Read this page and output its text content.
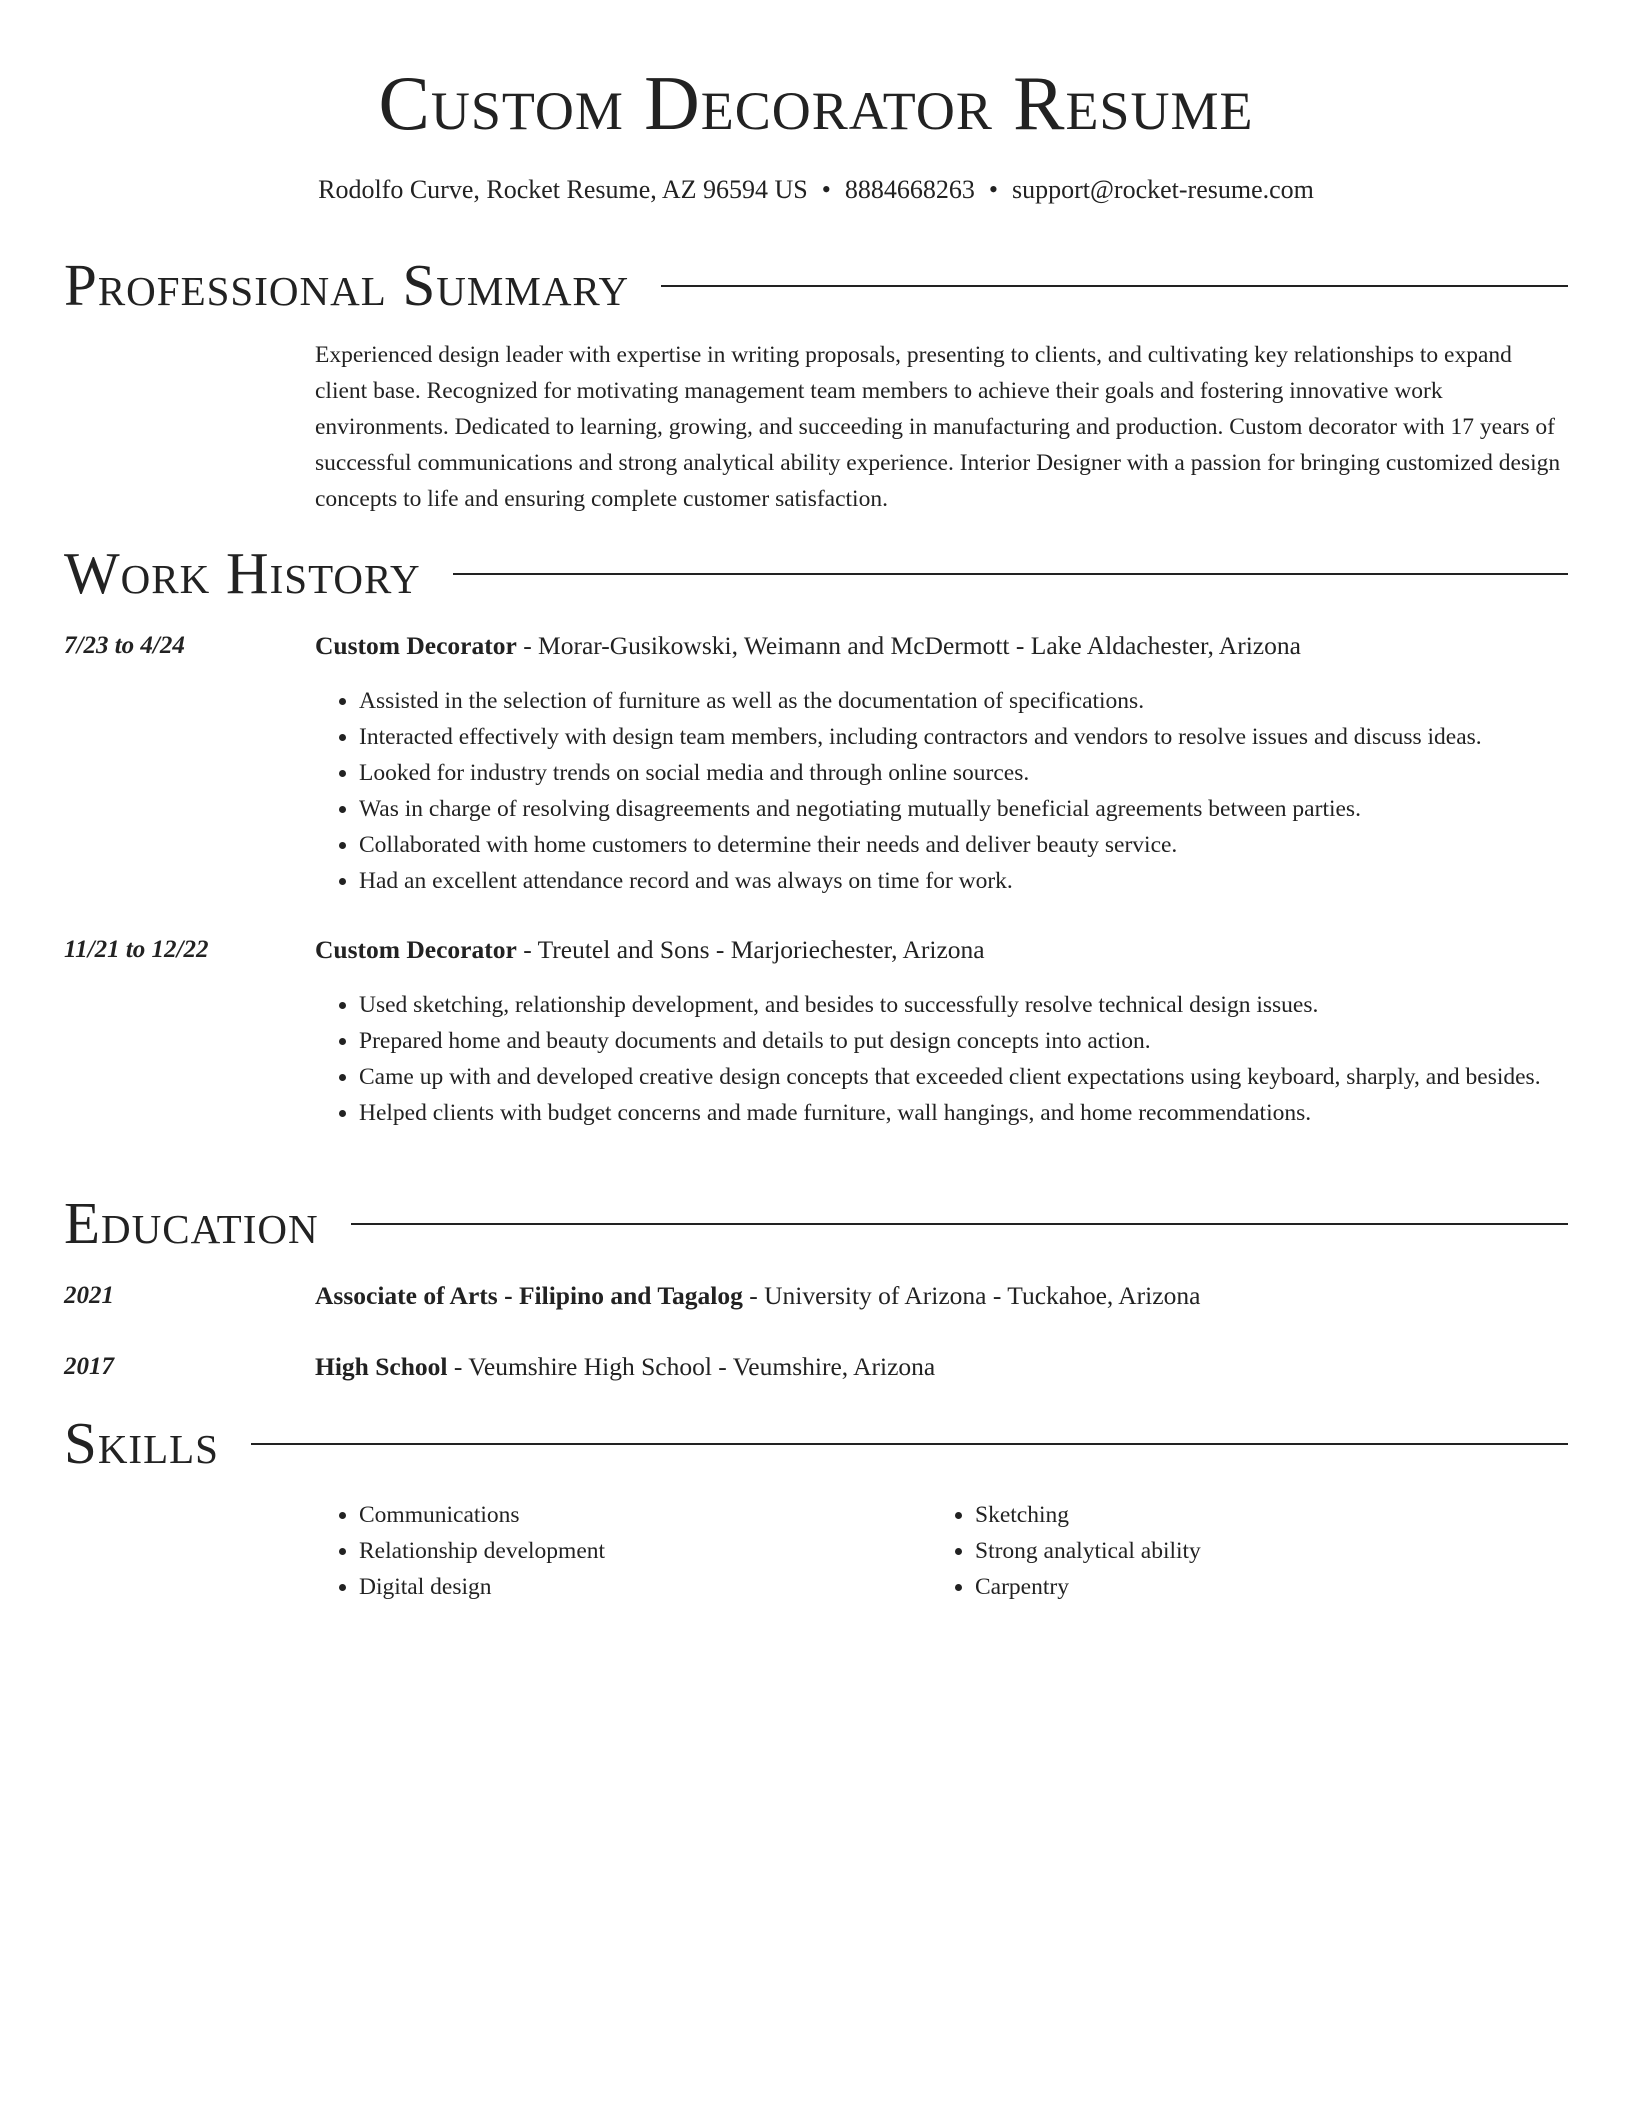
Custom Decorator Resume
Rodolfo Curve, Rocket Resume, AZ 96594 US • 8884668263 • support@rocket-resume.com
Professional Summary

Experienced design leader with expertise in writing proposals, presenting to clients, and cultivating key relationships to expand client base. Recognized for motivating management team members to achieve their goals and fostering innovative work environments. Dedicated to learning, growing, and succeeding in manufacturing and production. Custom decorator with 17 years of successful communications and strong analytical ability experience. Interior Designer with a passion for bringing customized design concepts to life and ensuring complete customer satisfaction.

Work History
7/23 to 4/24	Custom Decorator - Morar-Gusikowski, Weimann and McDermott - Lake Aldachester, Arizona
• Assisted in the selection of furniture as well as the documentation of specifications.
• Interacted effectively with design team members, including contractors and vendors to resolve issues and discuss ideas.
• Looked for industry trends on social media and through online sources.
• Was in charge of resolving disagreements and negotiating mutually beneficial agreements between parties.
• Collaborated with home customers to determine their needs and deliver beauty service.
• Had an excellent attendance record and was always on time for work.
11/21 to 12/22	Custom Decorator - Treutel and Sons - Marjoriechester, Arizona
• Used sketching, relationship development, and besides to successfully resolve technical design issues.
• Prepared home and beauty documents and details to put design concepts into action.
• Came up with and developed creative design concepts that exceeded client expectations using keyboard, sharply, and besides.
• Helped clients with budget concerns and made furniture, wall hangings, and home recommendations.
Education
2021	Associate of Arts - Filipino and Tagalog - University of Arizona - Tuckahoe, Arizona
2017	High School - Veumshire High School - Veumshire, Arizona
Skills
• Communications
• Relationship development
• Digital design
• Sketching
• Strong analytical ability
• Carpentry
